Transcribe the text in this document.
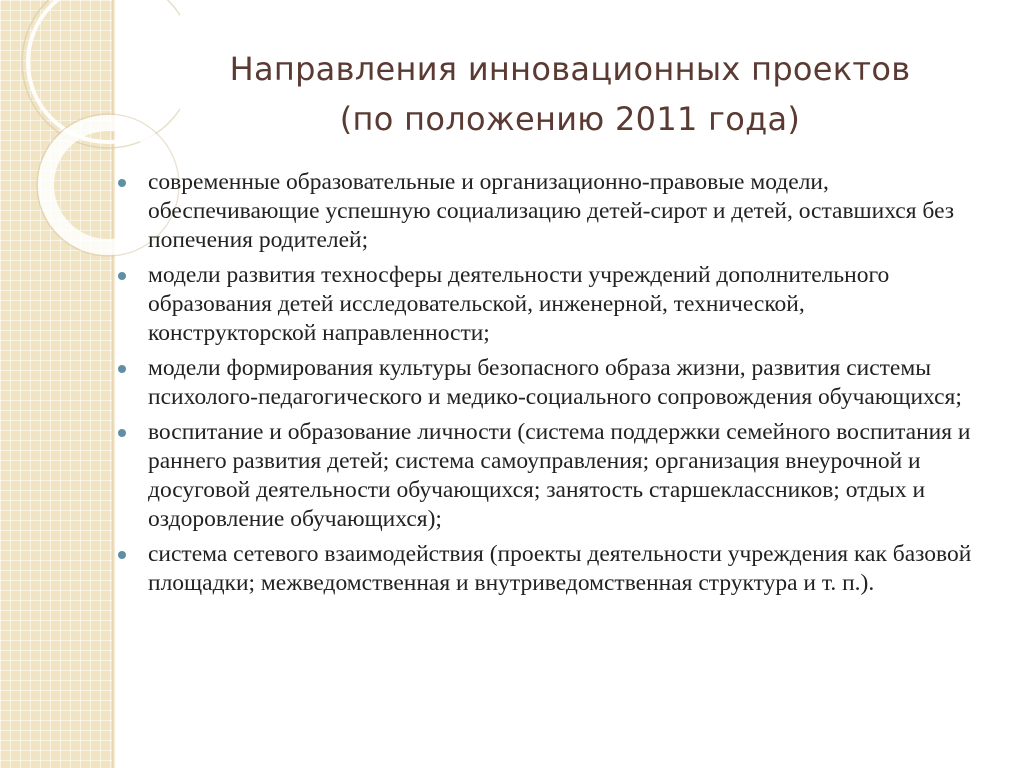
Направления инновационных проектов
(по положению 2011 года)
современные образовательные и организационно-правовые модели, обеспечивающие успешную социализацию детей-сирот и детей, оставшихся без попечения родителей;
модели развития техносферы деятельности учреждений дополнительного образования детей исследовательской, инженерной, технической, конструкторской направленности;
модели формирования культуры безопасного образа жизни, развития системы психолого-педагогического и медико-социального сопровождения обучающихся;
воспитание и образование личности (система поддержки семейного воспитания и раннего развития детей; система самоуправления; организация внеурочной и досуговой деятельности обучающихся; занятость старшеклассников; отдых и оздоровление обучающихся);
система сетевого взаимодействия (проекты деятельности учреждения как базовой площадки; межведомственная и внутриведомственная структура и т. п.).
